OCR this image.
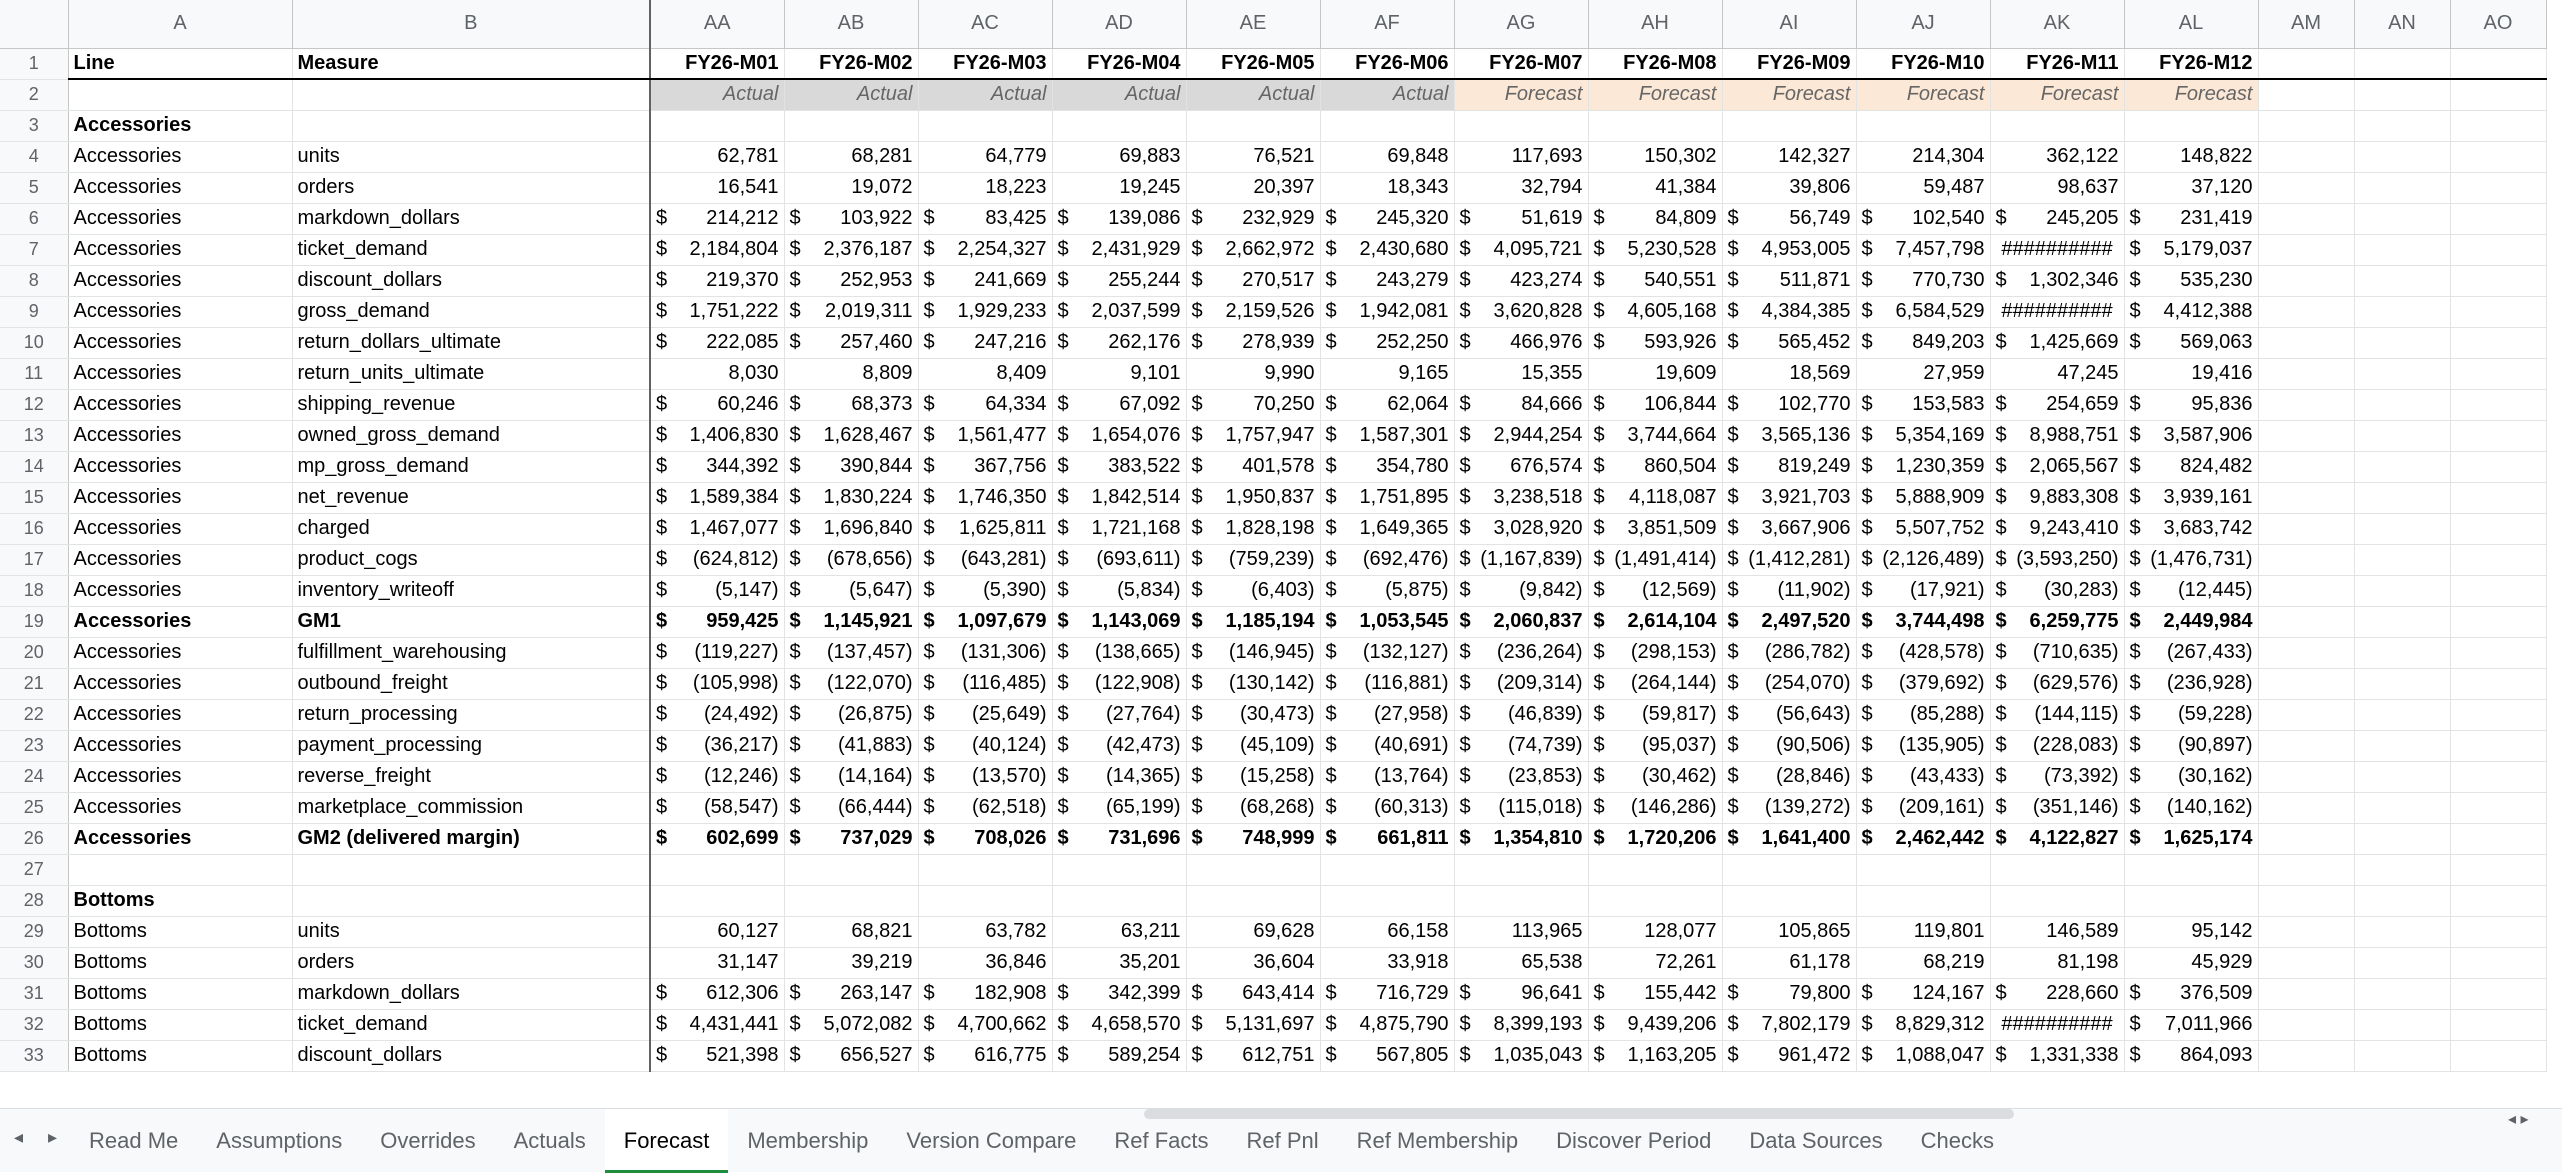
	A	B	AA	AB	AC	AD	AE	AF	AG	AH	AI	AJ	AK	AL	AM	AN	AO
1	Line	Measure	FY26-M01	FY26-M02	FY26-M03	FY26-M04	FY26-M05	FY26-M06	FY26-M07	FY26-M08	FY26-M09	FY26-M10	FY26-M11	FY26-M12			
2			Actual	Actual	Actual	Actual	Actual	Actual	Forecast	Forecast	Forecast	Forecast	Forecast	Forecast			
3	Accessories																
4	Accessories	units	62,781	68,281	64,779	69,883	76,521	69,848	117,693	150,302	142,327	214,304	362,122	148,822			
5	Accessories	orders	16,541	19,072	18,223	19,245	20,397	18,343	32,794	41,384	39,806	59,487	98,637	37,120			
6	Accessories	markdown_dollars	$ 214,212	$ 103,922	$ 83,425	$ 139,086	$ 232,929	$ 245,320	$ 51,619	$ 84,809	$ 56,749	$ 102,540	$ 245,205	$ 231,419			
7	Accessories	ticket_demand	$ 2,184,804	$ 2,376,187	$ 2,254,327	$ 2,431,929	$ 2,662,972	$ 2,430,680	$ 4,095,721	$ 5,230,528	$ 4,953,005	$ 7,457,798	##########	$ 5,179,037			
8	Accessories	discount_dollars	$ 219,370	$ 252,953	$ 241,669	$ 255,244	$ 270,517	$ 243,279	$ 423,274	$ 540,551	$ 511,871	$ 770,730	$ 1,302,346	$ 535,230			
9	Accessories	gross_demand	$ 1,751,222	$ 2,019,311	$ 1,929,233	$ 2,037,599	$ 2,159,526	$ 1,942,081	$ 3,620,828	$ 4,605,168	$ 4,384,385	$ 6,584,529	##########	$ 4,412,388			
10	Accessories	return_dollars_ultimate	$ 222,085	$ 257,460	$ 247,216	$ 262,176	$ 278,939	$ 252,250	$ 466,976	$ 593,926	$ 565,452	$ 849,203	$ 1,425,669	$ 569,063			
11	Accessories	return_units_ultimate	8,030	8,809	8,409	9,101	9,990	9,165	15,355	19,609	18,569	27,959	47,245	19,416			
12	Accessories	shipping_revenue	$ 60,246	$ 68,373	$ 64,334	$ 67,092	$ 70,250	$ 62,064	$ 84,666	$ 106,844	$ 102,770	$ 153,583	$ 254,659	$ 95,836			
13	Accessories	owned_gross_demand	$ 1,406,830	$ 1,628,467	$ 1,561,477	$ 1,654,076	$ 1,757,947	$ 1,587,301	$ 2,944,254	$ 3,744,664	$ 3,565,136	$ 5,354,169	$ 8,988,751	$ 3,587,906			
14	Accessories	mp_gross_demand	$ 344,392	$ 390,844	$ 367,756	$ 383,522	$ 401,578	$ 354,780	$ 676,574	$ 860,504	$ 819,249	$ 1,230,359	$ 2,065,567	$ 824,482			
15	Accessories	net_revenue	$ 1,589,384	$ 1,830,224	$ 1,746,350	$ 1,842,514	$ 1,950,837	$ 1,751,895	$ 3,238,518	$ 4,118,087	$ 3,921,703	$ 5,888,909	$ 9,883,308	$ 3,939,161			
16	Accessories	charged	$ 1,467,077	$ 1,696,840	$ 1,625,811	$ 1,721,168	$ 1,828,198	$ 1,649,365	$ 3,028,920	$ 3,851,509	$ 3,667,906	$ 5,507,752	$ 9,243,410	$ 3,683,742			
17	Accessories	product_cogs	$ (624,812)	$ (678,656)	$ (643,281)	$ (693,611)	$ (759,239)	$ (692,476)	$ (1,167,839)	$ (1,491,414)	$ (1,412,281)	$ (2,126,489)	$ (3,593,250)	$ (1,476,731)			
18	Accessories	inventory_writeoff	$ (5,147)	$ (5,647)	$ (5,390)	$ (5,834)	$ (6,403)	$ (5,875)	$ (9,842)	$ (12,569)	$ (11,902)	$ (17,921)	$ (30,283)	$ (12,445)			
19	Accessories	GM1	$ 959,425	$ 1,145,921	$ 1,097,679	$ 1,143,069	$ 1,185,194	$ 1,053,545	$ 2,060,837	$ 2,614,104	$ 2,497,520	$ 3,744,498	$ 6,259,775	$ 2,449,984			
20	Accessories	fulfillment_warehousing	$ (119,227)	$ (137,457)	$ (131,306)	$ (138,665)	$ (146,945)	$ (132,127)	$ (236,264)	$ (298,153)	$ (286,782)	$ (428,578)	$ (710,635)	$ (267,433)			
21	Accessories	outbound_freight	$ (105,998)	$ (122,070)	$ (116,485)	$ (122,908)	$ (130,142)	$ (116,881)	$ (209,314)	$ (264,144)	$ (254,070)	$ (379,692)	$ (629,576)	$ (236,928)			
22	Accessories	return_processing	$ (24,492)	$ (26,875)	$ (25,649)	$ (27,764)	$ (30,473)	$ (27,958)	$ (46,839)	$ (59,817)	$ (56,643)	$ (85,288)	$ (144,115)	$ (59,228)			
23	Accessories	payment_processing	$ (36,217)	$ (41,883)	$ (40,124)	$ (42,473)	$ (45,109)	$ (40,691)	$ (74,739)	$ (95,037)	$ (90,506)	$ (135,905)	$ (228,083)	$ (90,897)			
24	Accessories	reverse_freight	$ (12,246)	$ (14,164)	$ (13,570)	$ (14,365)	$ (15,258)	$ (13,764)	$ (23,853)	$ (30,462)	$ (28,846)	$ (43,433)	$ (73,392)	$ (30,162)			
25	Accessories	marketplace_commission	$ (58,547)	$ (66,444)	$ (62,518)	$ (65,199)	$ (68,268)	$ (60,313)	$ (115,018)	$ (146,286)	$ (139,272)	$ (209,161)	$ (351,146)	$ (140,162)			
26	Accessories	GM2 (delivered margin)	$ 602,699	$ 737,029	$ 708,026	$ 731,696	$ 748,999	$ 661,811	$ 1,354,810	$ 1,720,206	$ 1,641,400	$ 2,462,442	$ 4,122,827	$ 1,625,174			
27																	
28	Bottoms																
29	Bottoms	units	60,127	68,821	63,782	63,211	69,628	66,158	113,965	128,077	105,865	119,801	146,589	95,142			
30	Bottoms	orders	31,147	39,219	36,846	35,201	36,604	33,918	65,538	72,261	61,178	68,219	81,198	45,929			
31	Bottoms	markdown_dollars	$ 612,306	$ 263,147	$ 182,908	$ 342,399	$ 643,414	$ 716,729	$ 96,641	$ 155,442	$ 79,800	$ 124,167	$ 228,660	$ 376,509			
32	Bottoms	ticket_demand	$ 4,431,441	$ 5,072,082	$ 4,700,662	$ 4,658,570	$ 5,131,697	$ 4,875,790	$ 8,399,193	$ 9,439,206	$ 7,802,179	$ 8,829,312	##########	$ 7,011,966			
33	Bottoms	discount_dollars	$ 521,398	$ 656,527	$ 616,775	$ 589,254	$ 612,751	$ 567,805	$ 1,035,043	$ 1,163,205	$ 961,472	$ 1,088,047	$ 1,331,338	$ 864,093			
◂ ▸	Read Me	Assumptions	Overrides	Actuals	Forecast	Membership	Version Compare	Ref Facts	Ref Pnl	Ref Membership	Discover Period	Data Sources	Checks
◂ ▸
